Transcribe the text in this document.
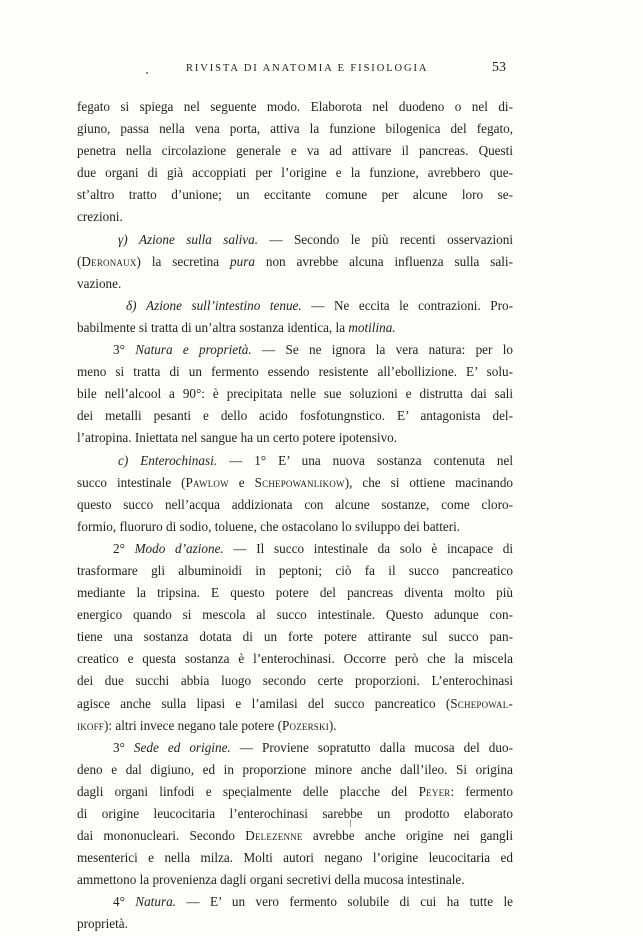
RIVISTA DI ANATOMIA E FISIOLOGIA	53
fegato si spiega nel seguente modo. Elaborota nel duodeno o nel di-
giuno, passa nella vena porta, attiva la funzione bilogenica del fegato,
penetra nella circolazione generale e va ad attivare il pancreas. Questi
due organi di già accoppiati per l’origine e la funzione, avrebbero que-
st’altro tratto d’unione; un eccitante comune per alcune loro se-
crezioni.
γ) Azione sulla saliva. — Secondo le più recenti osservazioni
(Deronaux) la secretina pura non avrebbe alcuna influenza sulla sali-
vazione.
δ) Azione sull’intestino tenue. — Ne eccita le contrazioni. Pro-
babilmente si tratta di un’altra sostanza identica, la motilina.
3° Natura e proprietà. — Se ne ignora la vera natura: per lo
meno si tratta di un fermento essendo resistente all’ebollizione. E’ solu-
bile nell’alcool a 90°: è precipitata nelle sue soluzioni e distrutta dai sali
dei metalli pesanti e dello acido fosfotungnstico. E’ antagonista del-
l’atropina. Iniettata nel sangue ha un certo potere ipotensivo.
c) Enterochinasi. — 1° E’ una nuova sostanza contenuta nel
succo intestinale (Pawlow e Schepowanlikow), che si ottiene macinando
questo succo nell’acqua addizionata con alcune sostanze, come cloro-
formio, fluoruro di sodio, toluene, che ostacolano lo sviluppo dei batteri.
2° Modo d’azione. — Il succo intestinale da solo è incapace di
trasformare gli albuminoidi in peptoni; ciò fa il succo pancreatico
mediante la tripsina. E questo potere del pancreas diventa molto più
energico quando si mescola al succo intestinale. Questo adunque con-
tiene una sostanza dotata di un forte potere attirante sul succo pan-
creatico e questa sostanza è l’enterochinasi. Occorre però che la miscela
dei due succhi abbia luogo secondo certe proporzioni. L’enterochinasi
agisce anche sulla lipasi e l’amilasi del succo pancreatico (Schepowal-
ikoff): altri invece negano tale potere (Pozerski).
3° Sede ed origine. — Proviene sopratutto dalla mucosa del duo-
deno e dal digiuno, ed in proporzione minore anche dall’ileo. Si origina
dagli organi linfodi e specialmente delle placche del Peyer: fermento
di origine leucocitaria l’enterochinasi sarebbe un prodotto elaborato
dai mononucleari. Secondo Delezenne avrebbe anche origine nei gangli
mesenterici e nella milza. Molti autori negano l’origine leucocitaria ed
ammettono la provenienza dagli organi secretivi della mucosa intestinale.
4° Natura. — E’ un vero fermento solubile di cui ha tutte le
proprietà.
